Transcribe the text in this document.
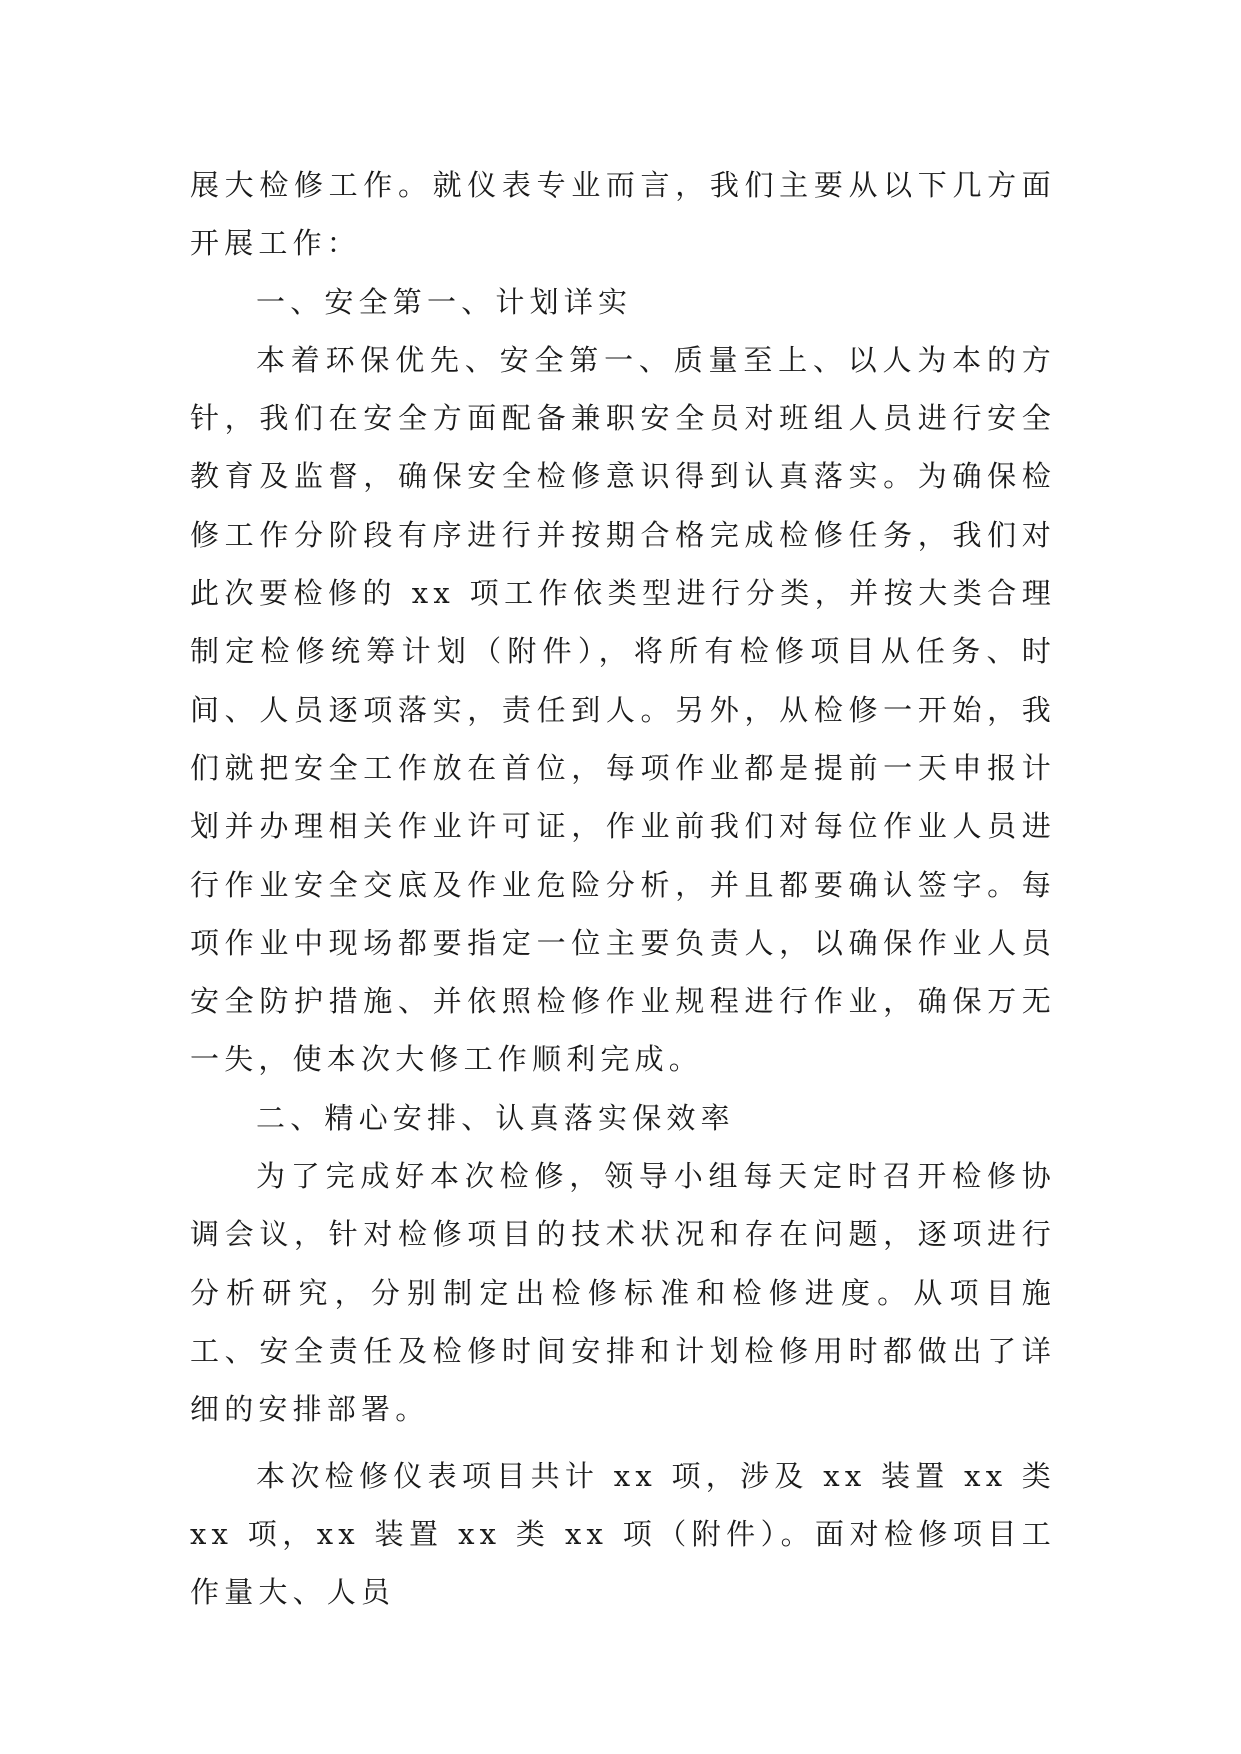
展大检修工作。就仪表专业而言，我们主要从以下几方面开展工作：

一、安全第一、计划详实

本着环保优先、安全第一、质量至上、以人为本的方针，我们在安全方面配备兼职安全员对班组人员进行安全教育及监督，确保安全检修意识得到认真落实。为确保检修工作分阶段有序进行并按期合格完成检修任务，我们对此次要检修的 xx 项工作依类型进行分类，并按大类合理制定检修统筹计划（附件），将所有检修项目从任务、时间、人员逐项落实，责任到人。另外，从检修一开始，我们就把安全工作放在首位，每项作业都是提前一天申报计划并办理相关作业许可证，作业前我们对每位作业人员进行作业安全交底及作业危险分析，并且都要确认签字。每项作业中现场都要指定一位主要负责人，以确保作业人员安全防护措施、并依照检修作业规程进行作业，确保万无一失，使本次大修工作顺利完成。

二、精心安排、认真落实保效率

为了完成好本次检修，领导小组每天定时召开检修协调会议，针对检修项目的技术状况和存在问题，逐项进行分析研究，分别制定出检修标准和检修进度。从项目施工、安全责任及检修时间安排和计划检修用时都做出了详细的安排部署。

本次检修仪表项目共计 xx 项，涉及 xx 装置 xx 类 xx 项，xx 装置 xx 类 xx 项（附件）。面对检修项目工作量大、人员
